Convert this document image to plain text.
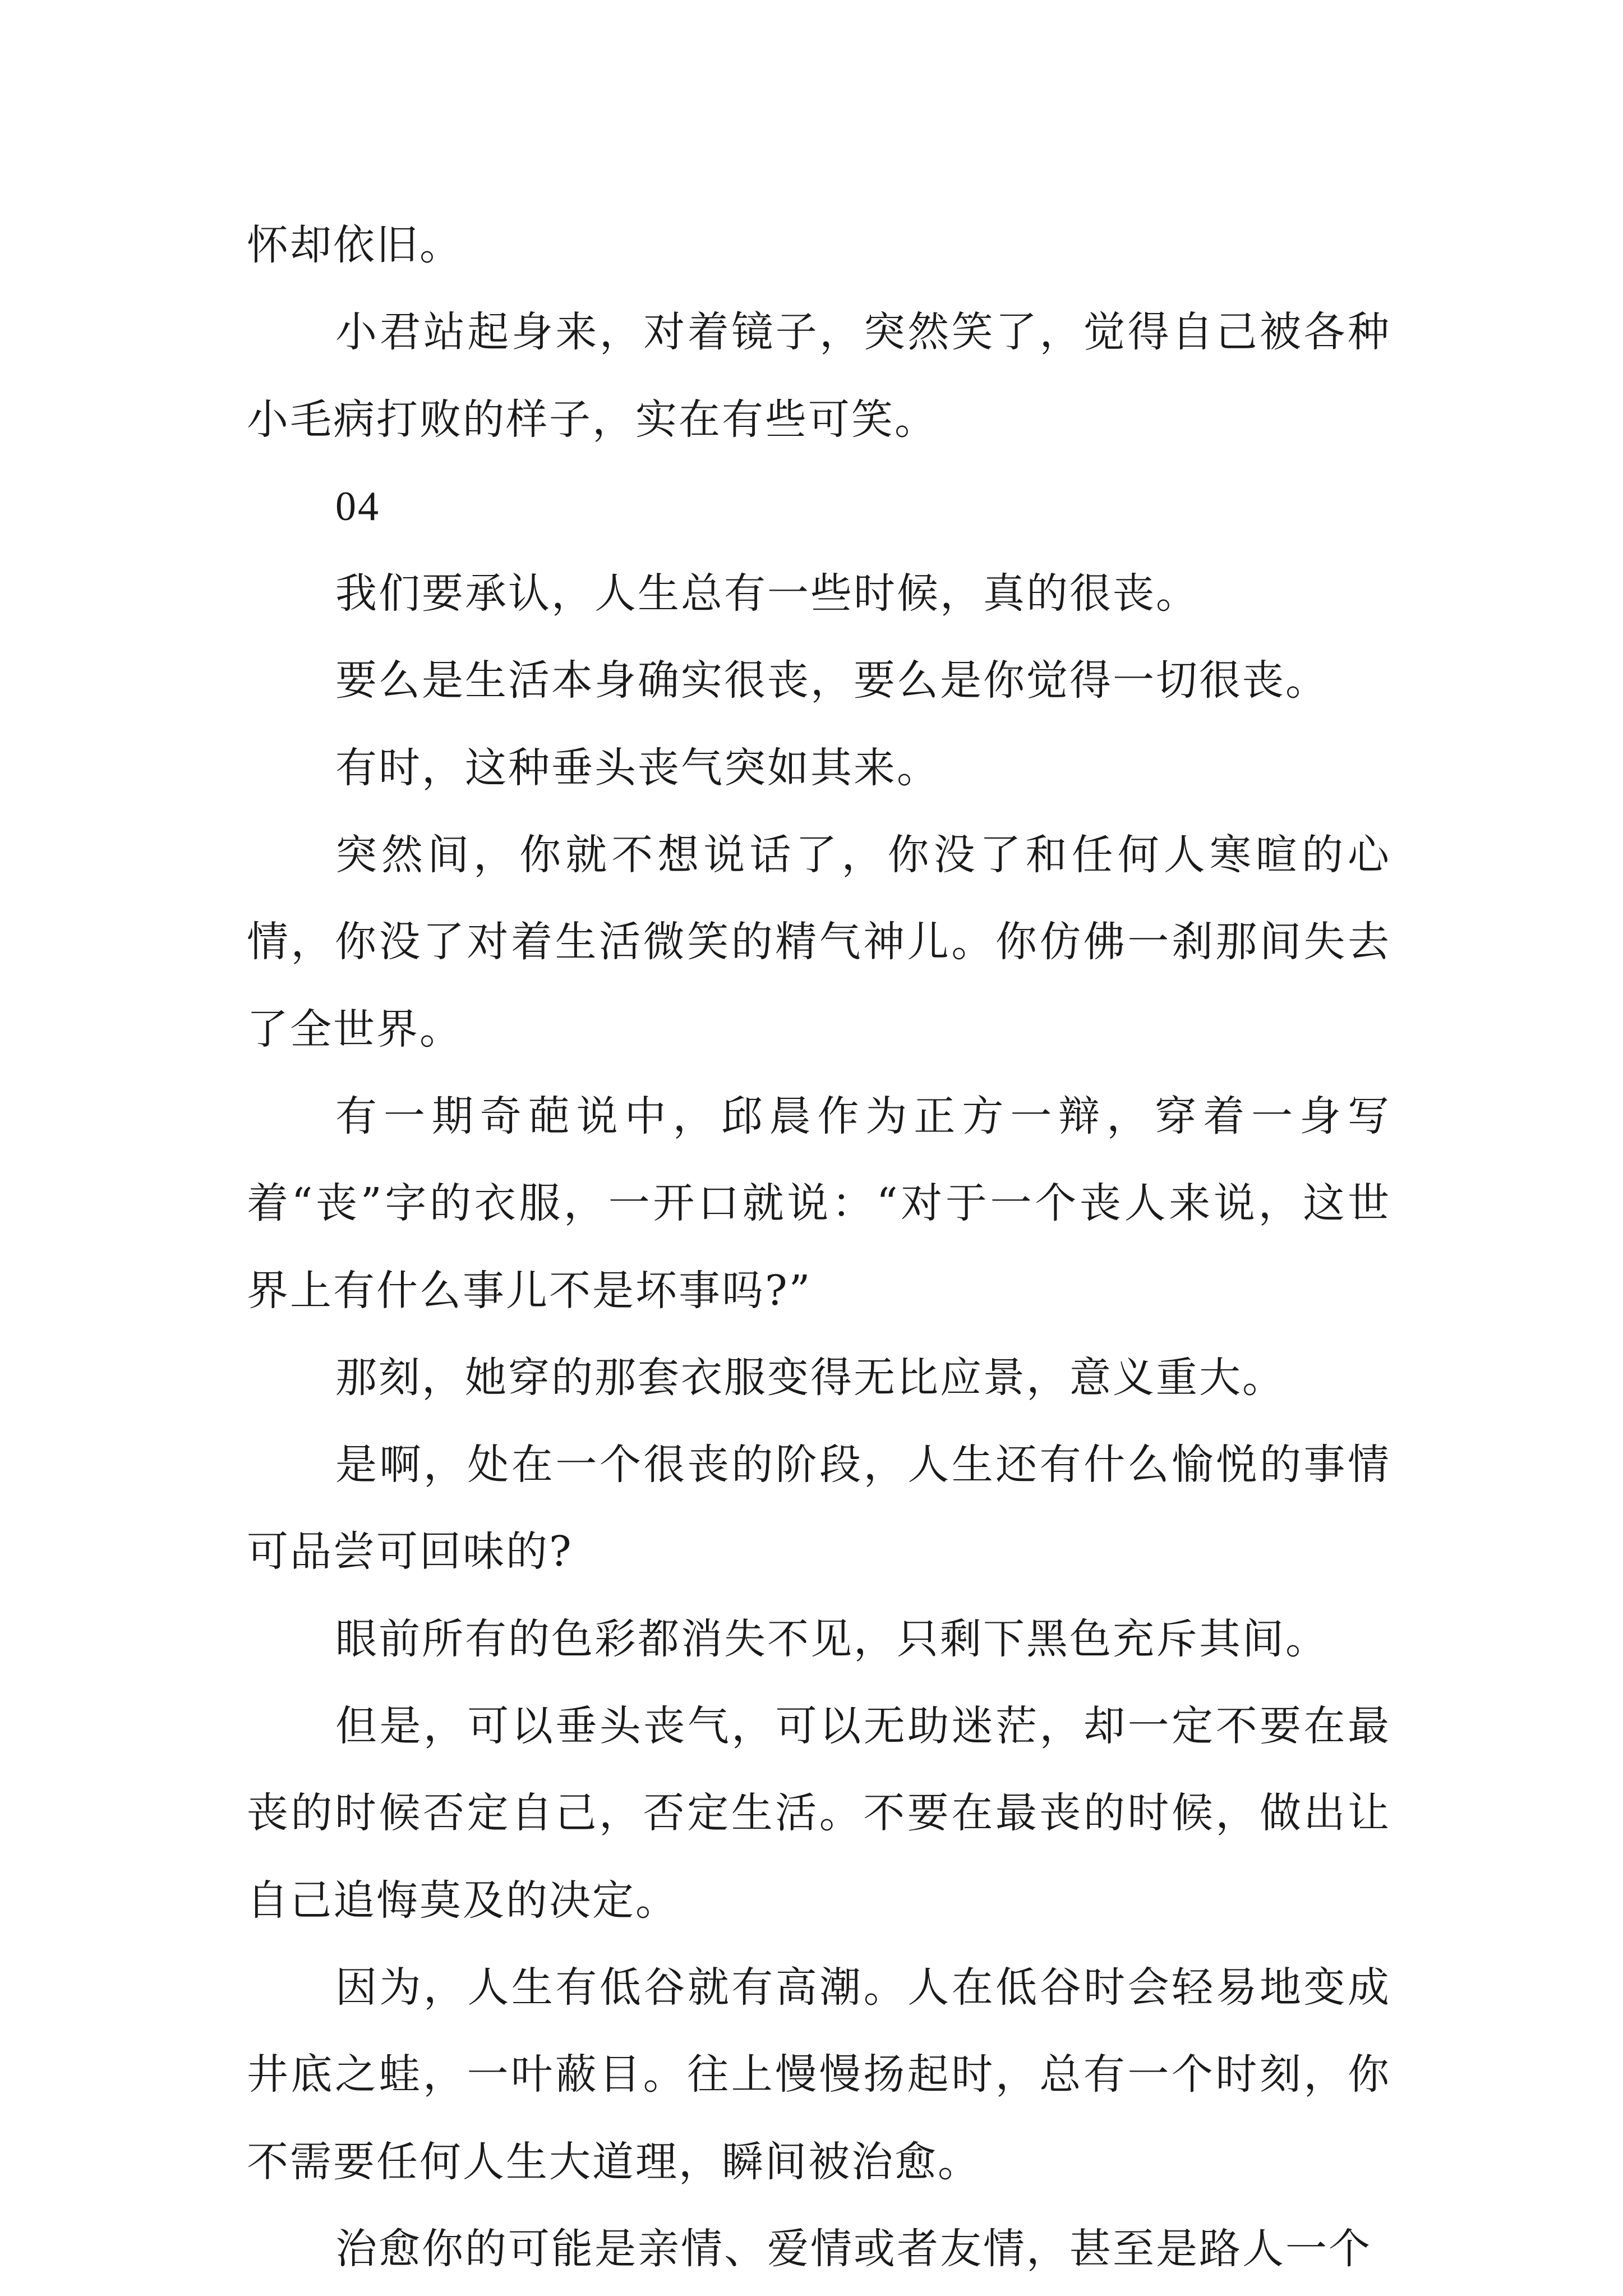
怀却依旧。

小君站起身来，对着镜子，突然笑了，觉得自己被各种小毛病打败的样子，实在有些可笑。

04

我们要承认，人生总有一些时候，真的很丧。

要么是生活本身确实很丧，要么是你觉得一切很丧。

有时，这种垂头丧气突如其来。

突然间，你就不想说话了，你没了和任何人寒暄的心情，你没了对着生活微笑的精气神儿。你仿佛一刹那间失去了全世界。

有一期奇葩说中，邱晨作为正方一辩，穿着一身写着“丧”字的衣服，一开口就说：“对于一个丧人来说，这世界上有什么事儿不是坏事吗?”

那刻，她穿的那套衣服变得无比应景，意义重大。

是啊，处在一个很丧的阶段，人生还有什么愉悦的事情可品尝可回味的?

眼前所有的色彩都消失不见，只剩下黑色充斥其间。

但是，可以垂头丧气，可以无助迷茫，却一定不要在最丧的时候否定自己，否定生活。不要在最丧的时候，做出让自己追悔莫及的决定。

因为，人生有低谷就有高潮。人在低谷时会轻易地变成井底之蛙，一叶蔽目。往上慢慢扬起时，总有一个时刻，你不需要任何人生大道理，瞬间被治愈。

治愈你的可能是亲情、爱情或者友情，甚至是路人一个
